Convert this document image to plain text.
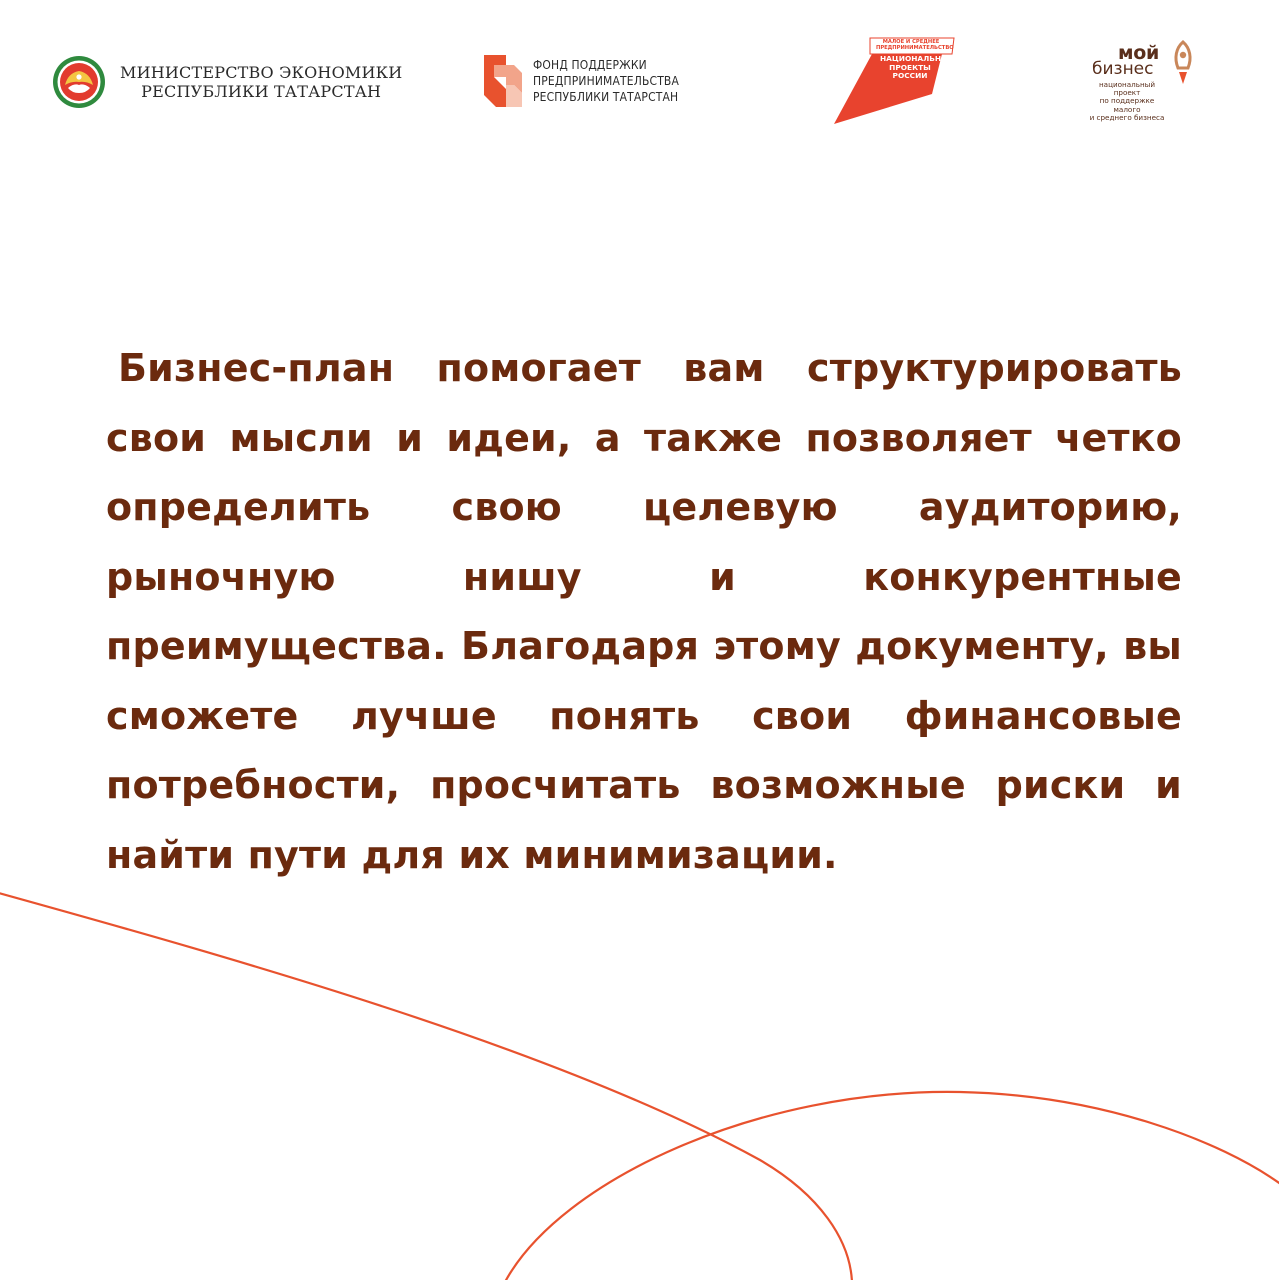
МИНИСТЕРСТВО ЭКОНОМИКИ
РЕСПУБЛИКИ ТАТАРСТАН
ФОНД ПОДДЕРЖКИ
ПРЕДПРИНИМАТЕЛЬСТВА
РЕСПУБЛИКИ ТАТАРСТАН
МАЛОЕ И СРЕДНЕЕ
ПРЕДПРИНИМАТЕЛЬСТВО
НАЦИОНАЛЬНЫЕ
ПРОЕКТЫ
РОССИИ
мой
бизнес
национальный проект
по поддержке малого
и среднего бизнеса

Бизнес-план помогает вам структурировать свои мысли и идеи, а также позволяет четко определить свою целевую аудиторию, рыночную нишу и конкурентные преимущества. Благодаря этому документу, вы сможете лучше понять свои финансовые потребности, просчитать возможные риски и найти пути для их минимизации.
